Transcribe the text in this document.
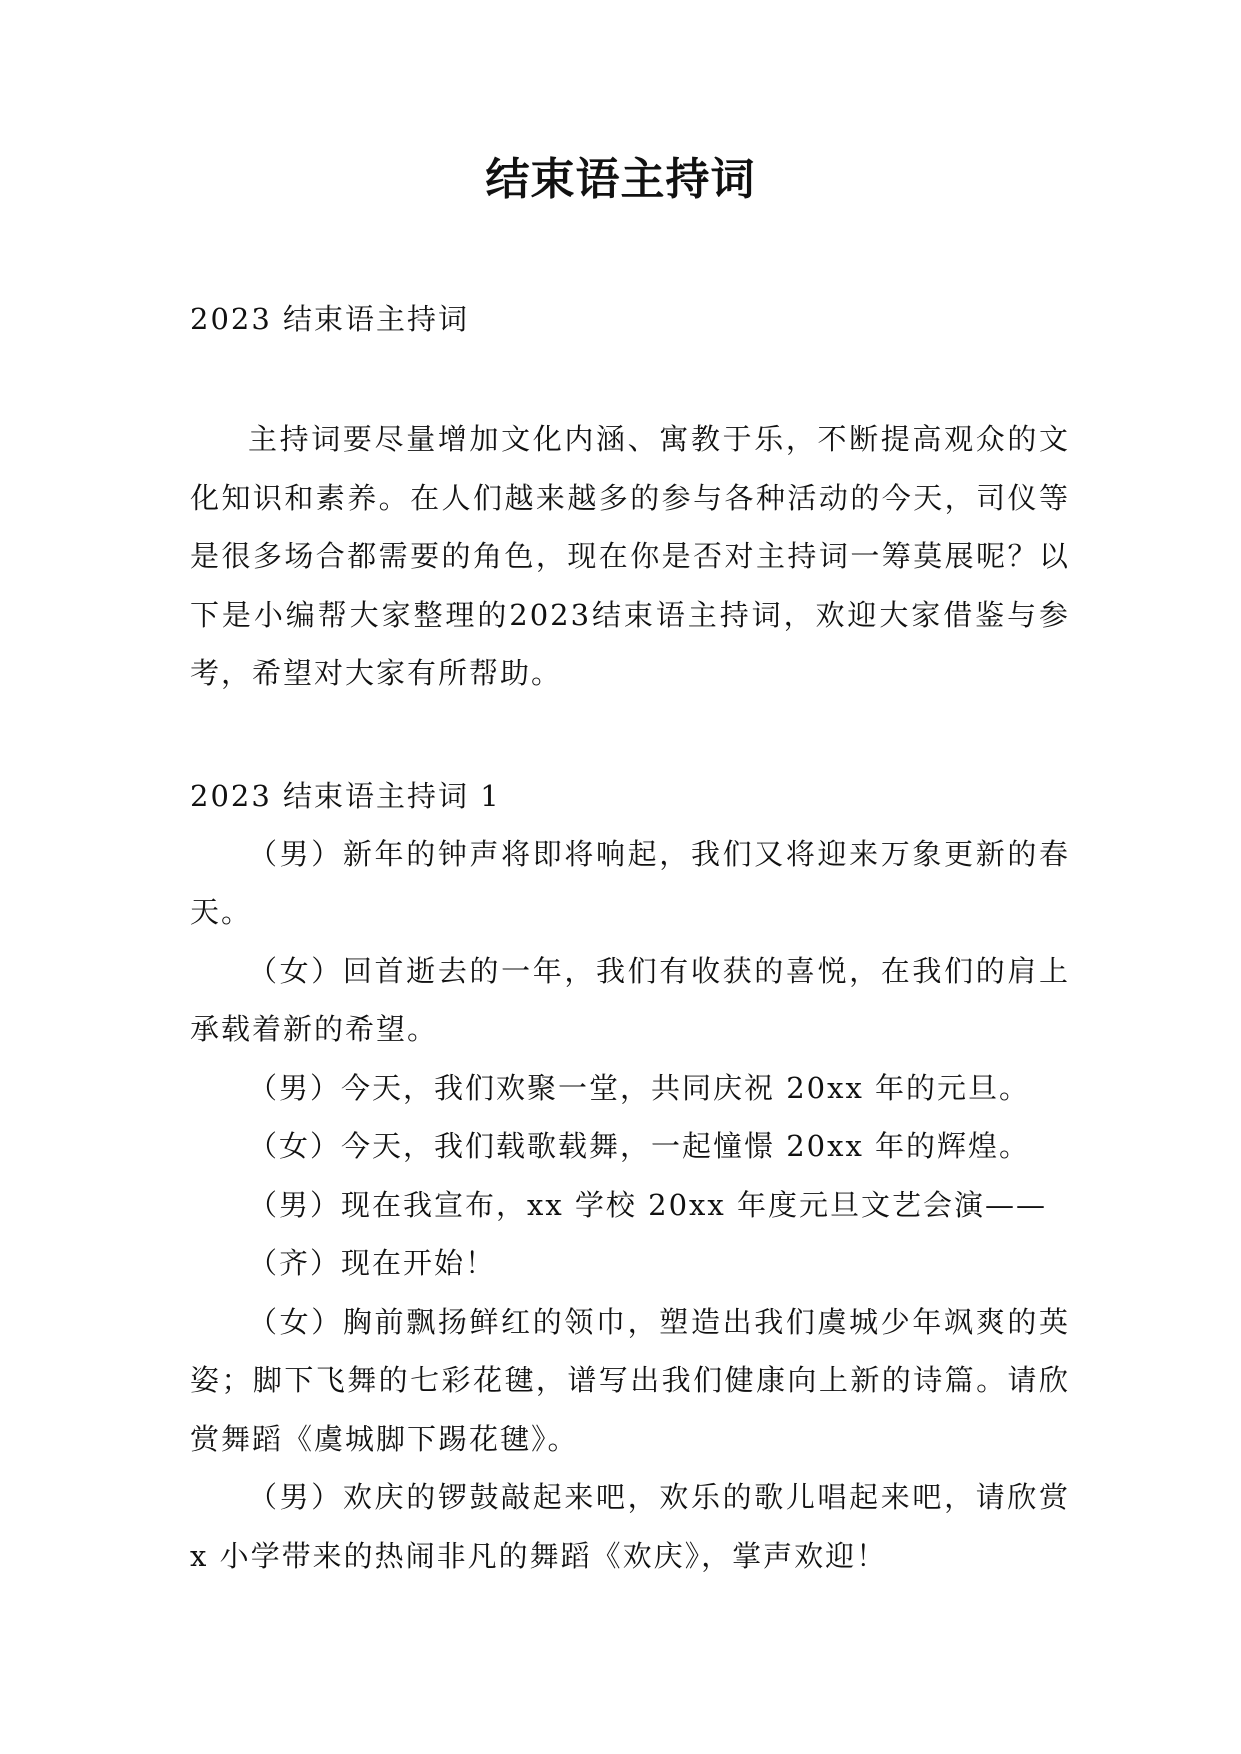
结束语主持词

2023 结束语主持词

主持词要尽量增加文化内涵、寓教于乐，不断提高观众的文化知识和素养。在人们越来越多的参与各种活动的今天，司仪等是很多场合都需要的角色，现在你是否对主持词一筹莫展呢？以下是小编帮大家整理的2023结束语主持词，欢迎大家借鉴与参考，希望对大家有所帮助。

2023 结束语主持词 1

（男）新年的钟声将即将响起，我们又将迎来万象更新的春天。

（女）回首逝去的一年，我们有收获的喜悦，在我们的肩上承载着新的希望。

（男）今天，我们欢聚一堂，共同庆祝 20xx 年的元旦。

（女）今天，我们载歌载舞，一起憧憬 20xx 年的辉煌。

（男）现在我宣布，xx 学校 20xx 年度元旦文艺会演——

（齐）现在开始！

（女）胸前飘扬鲜红的领巾，塑造出我们虞城少年飒爽的英姿；脚下飞舞的七彩花毽，谱写出我们健康向上新的诗篇。请欣赏舞蹈《虞城脚下踢花毽》。

（男）欢庆的锣鼓敲起来吧，欢乐的歌儿唱起来吧，请欣赏 x 小学带来的热闹非凡的舞蹈《欢庆》，掌声欢迎！
